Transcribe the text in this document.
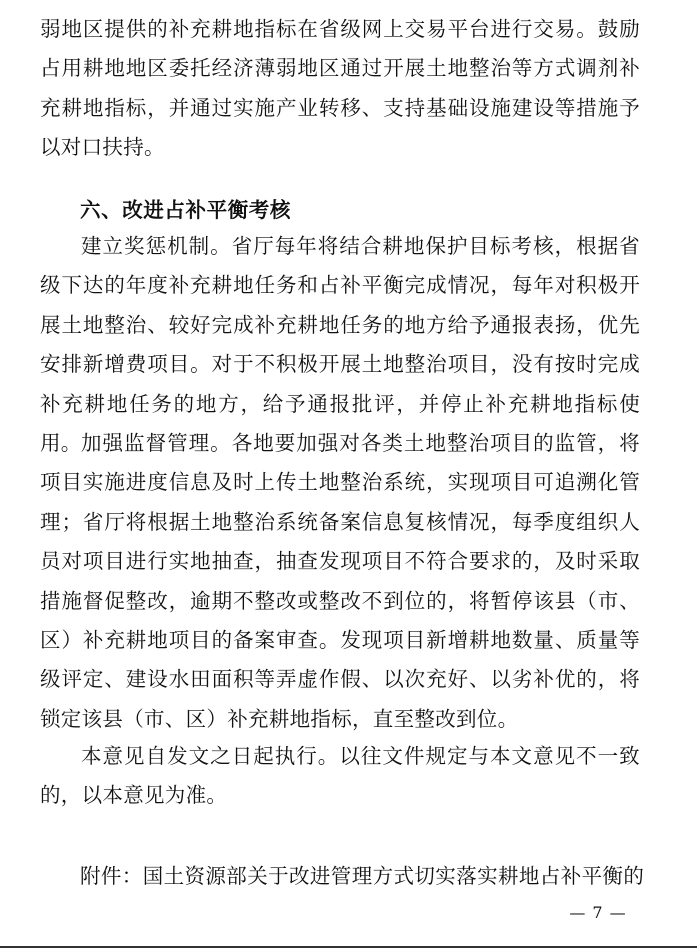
弱地区提供的补充耕地指标在省级网上交易平台进行交易。鼓励占用耕地地区委托经济薄弱地区通过开展土地整治等方式调剂补充耕地指标，并通过实施产业转移、支持基础设施建设等措施予以对口扶持。
六、改进占补平衡考核
建立奖惩机制。省厅每年将结合耕地保护目标考核，根据省级下达的年度补充耕地任务和占补平衡完成情况，每年对积极开展土地整治、较好完成补充耕地任务的地方给予通报表扬，优先安排新增费项目。对于不积极开展土地整治项目，没有按时完成补充耕地任务的地方，给予通报批评，并停止补充耕地指标使用。 加强监督管理。各地要加强对各类土地整治项目的监管，将项目实施进度信息及时上传土地整治系统，实现项目可追溯化管理；省厅将根据土地整治系统备案信息复核情况，每季度组织人员对项目进行实地抽查，抽查发现项目不符合要求的，及时采取措施督促整改，逾期不整改或整改不到位的，将暂停该县（市、区）补充耕地项目的备案审查。发现项目新增耕地数量、质量等级评定、建设水田面积等弄虚作假、以次充好、以劣补优的，将锁定该县（市、区）补充耕地指标，直至整改到位。
本意见自发文之日起执行。以往文件规定与本文意见不一致的，以本意见为准。
附件：国土资源部关于改进管理方式切实落实耕地占补平衡的
— 7 —
